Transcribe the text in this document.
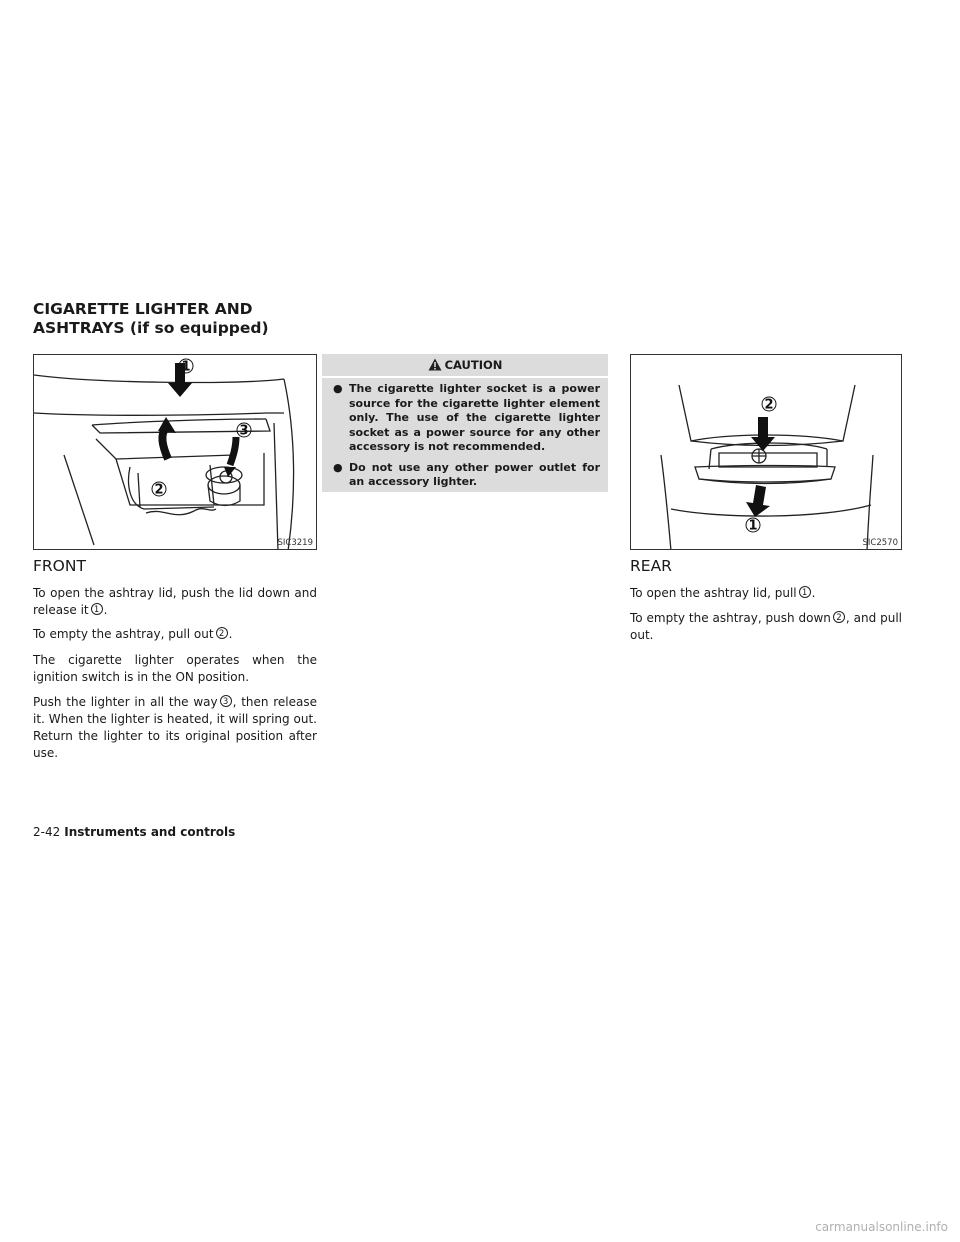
CIGARETTE LIGHTER AND ASHTRAYS (if so equipped)
1
2
3
SIC3219
FRONT

To open the ashtray lid, push the lid down and release it 1 .

To empty the ashtray, pull out 2 .

The cigarette lighter operates when the ignition switch is in the ON position.

Push the lighter in all the way 3 , then release it. When the lighter is heated, it will spring out. Return the lighter to its original position after use.

CAUTION
● The cigarette lighter socket is a power source for the cigarette lighter element only. The use of the cigarette lighter socket as a power source for any other accessory is not recommended.
● Do not use any other power outlet for an accessory lighter.
2
1
SIC2570
REAR

To open the ashtray lid, pull 1 .

To empty the ashtray, push down 2 , and pull out.

2-42 Instruments and controls
carmanualsonline.info
